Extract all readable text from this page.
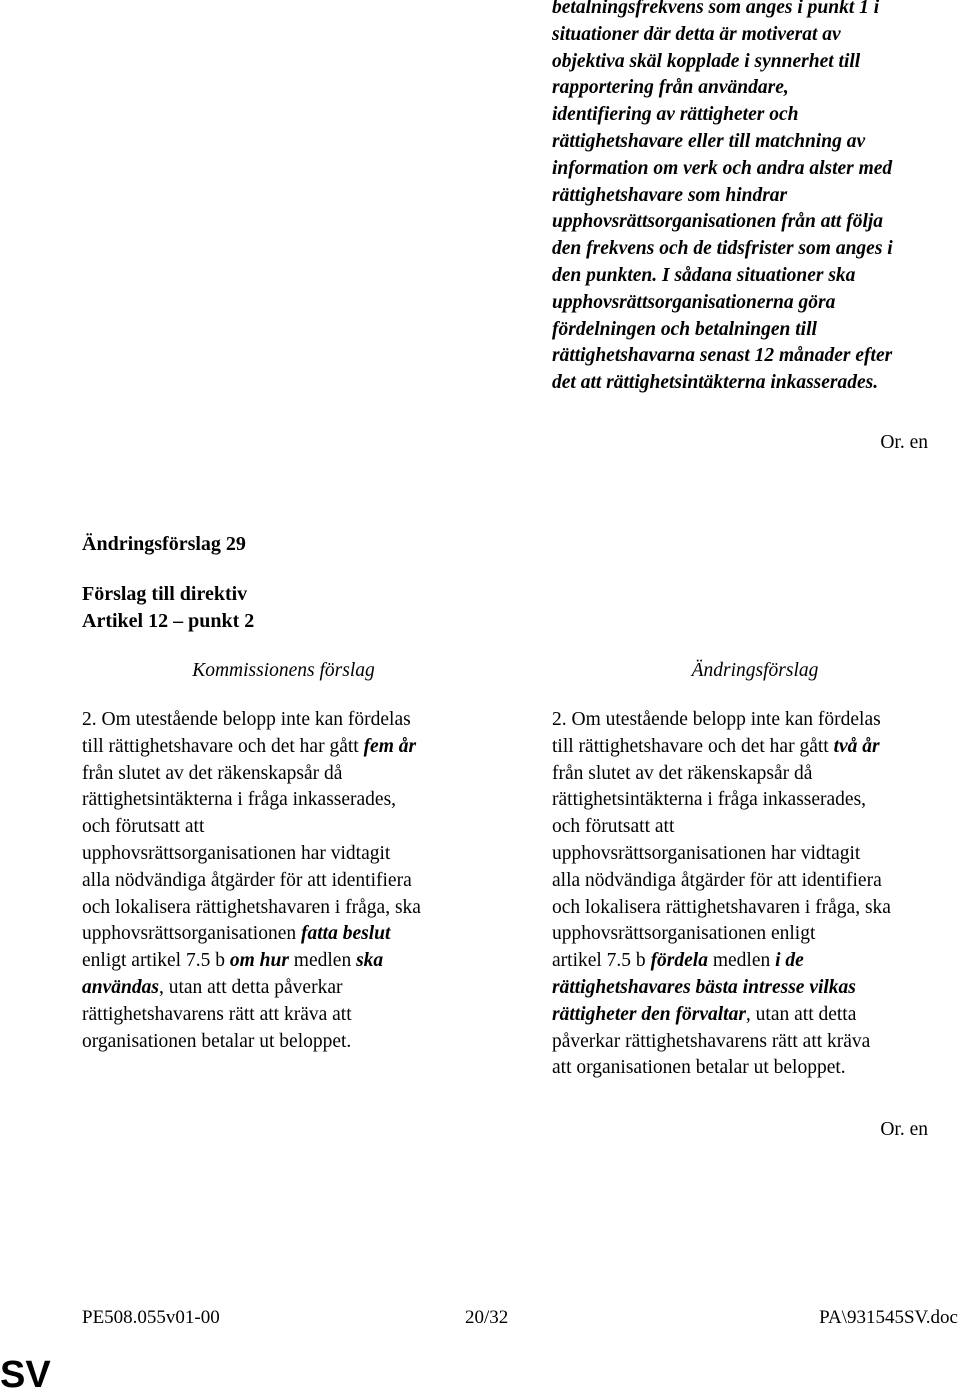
betalningsfrekvens som anges i punkt 1 i
situationer där detta är motiverat av
objektiva skäl kopplade i synnerhet till
rapportering från användare,
identifiering av rättigheter och
rättighetshavare eller till matchning av
information om verk och andra alster med
rättighetshavare som hindrar
upphovsrättsorganisationen från att följa
den frekvens och de tidsfrister som anges i
den punkten. I sådana situationer ska
upphovsrättsorganisationerna göra
fördelningen och betalningen till
rättighetshavarna senast 12 månader efter
det att rättighetsintäkterna inkasserades.
Or. en
Ändringsförslag 29
Förslag till direktiv
Artikel 12 – punkt 2
Kommissionens förslag	Ändringsförslag
2. Om utestående belopp inte kan fördelas
till rättighetshavare och det har gått fem år
från slutet av det räkenskapsår då
rättighetsintäkterna i fråga inkasserades,
och förutsatt att
upphovsrättsorganisationen har vidtagit
alla nödvändiga åtgärder för att identifiera
och lokalisera rättighetshavaren i fråga, ska
upphovsrättsorganisationen fatta beslut
enligt artikel 7.5 b om hur medlen ska
användas, utan att detta påverkar
rättighetshavarens rätt att kräva att
organisationen betalar ut beloppet.
2. Om utestående belopp inte kan fördelas
till rättighetshavare och det har gått två år
från slutet av det räkenskapsår då
rättighetsintäkterna i fråga inkasserades,
och förutsatt att
upphovsrättsorganisationen har vidtagit
alla nödvändiga åtgärder för att identifiera
och lokalisera rättighetshavaren i fråga, ska
upphovsrättsorganisationen enligt
artikel 7.5 b fördela medlen i de
rättighetshavares bästa intresse vilkas
rättigheter den förvaltar, utan att detta
påverkar rättighetshavarens rätt att kräva
att organisationen betalar ut beloppet.
Or. en
PE508.055v01-00	20/32	PA\931545SV.doc
SV
